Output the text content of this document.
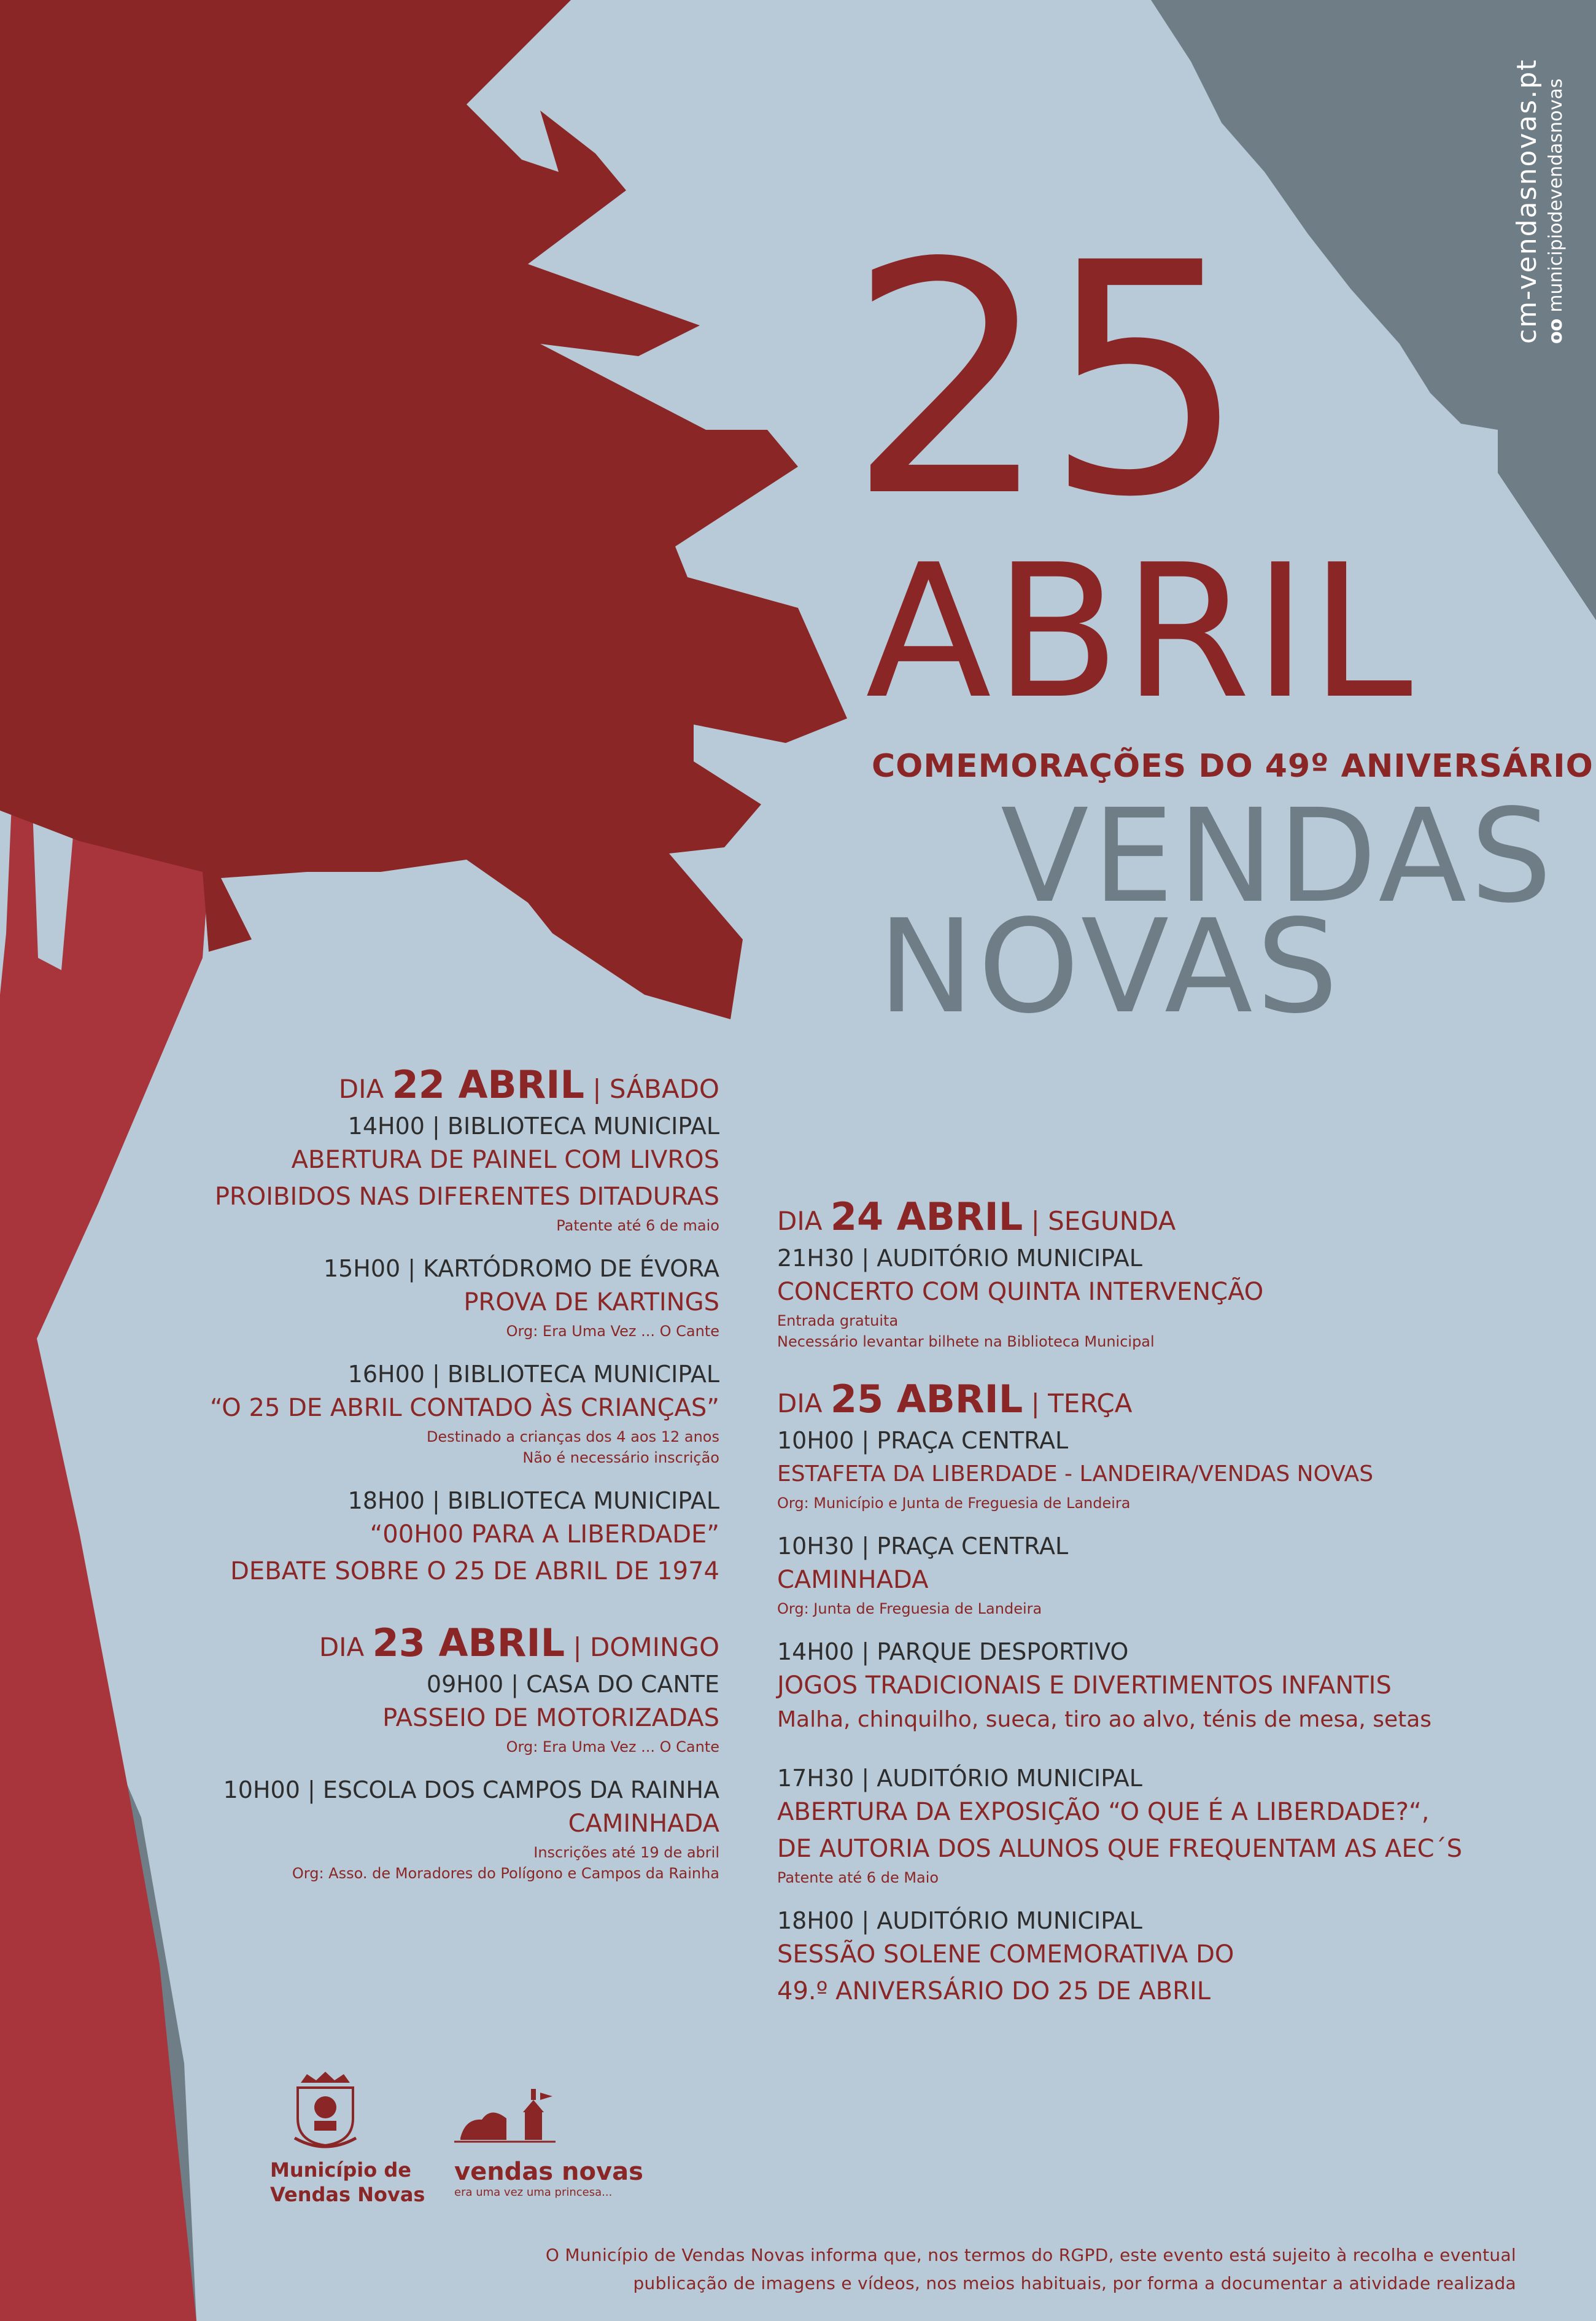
cm-vendasnovas.pt oomunicipiodevendasnovas
25
ABRIL
COMEMORAÇÕES DO 49º ANIVERSÁRIO
VENDAS
NOVAS

DIA 22 ABRIL | SÁBADO

14H00 | BIBLIOTECA MUNICIPAL

ABERTURA DE PAINEL COM LIVROS

PROIBIDOS NAS DIFERENTES DITADURAS

Patente até 6 de maio

15H00 | KARTÓDROMO DE ÉVORA

PROVA DE KARTINGS

Org: Era Uma Vez ... O Cante

16H00 | BIBLIOTECA MUNICIPAL

“O 25 DE ABRIL CONTADO ÀS CRIANÇAS”

Destinado a crianças dos 4 aos 12 anos

Não é necessário inscrição

18H00 | BIBLIOTECA MUNICIPAL

“00H00 PARA A LIBERDADE”

DEBATE SOBRE O 25 DE ABRIL DE 1974

DIA 23 ABRIL | DOMINGO

09H00 | CASA DO CANTE

PASSEIO DE MOTORIZADAS

Org: Era Uma Vez ... O Cante

10H00 | ESCOLA DOS CAMPOS DA RAINHA

CAMINHADA

Inscrições até 19 de abril

Org: Asso. de Moradores do Polígono e Campos da Rainha

DIA 24 ABRIL | SEGUNDA

21H30 | AUDITÓRIO MUNICIPAL

CONCERTO COM QUINTA INTERVENÇÃO

Entrada gratuita

Necessário levantar bilhete na Biblioteca Municipal

DIA 25 ABRIL | TERÇA

10H00 | PRAÇA CENTRAL

ESTAFETA DA LIBERDADE - LANDEIRA/VENDAS NOVAS

Org: Município e Junta de Freguesia de Landeira

10H30 | PRAÇA CENTRAL

CAMINHADA

Org: Junta de Freguesia de Landeira

14H00 | PARQUE DESPORTIVO

JOGOS TRADICIONAIS E DIVERTIMENTOS INFANTIS

Malha, chinquilho, sueca, tiro ao alvo, ténis de mesa, setas

17H30 | AUDITÓRIO MUNICIPAL

ABERTURA DA EXPOSIÇÃO “O QUE É A LIBERDADE?“,

DE AUTORIA DOS ALUNOS QUE FREQUENTAM AS AEC´S

Patente até 6 de Maio

18H00 | AUDITÓRIO MUNICIPAL

SESSÃO SOLENE COMEMORATIVA DO

49.º ANIVERSÁRIO DO 25 DE ABRIL

Município de
Vendas Novas
vendas novas
era uma vez uma princesa...
O Município de Vendas Novas informa que, nos termos do RGPD, este evento está sujeito à recolha e eventual
publicação de imagens e vídeos, nos meios habituais, por forma a documentar a atividade realizada
